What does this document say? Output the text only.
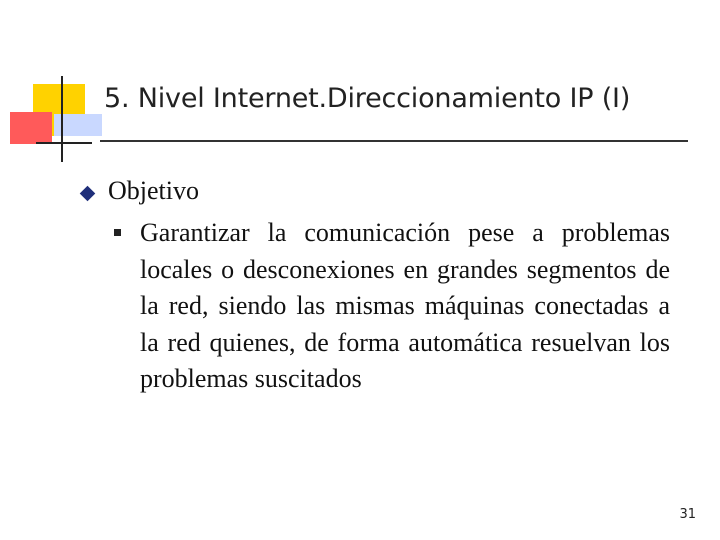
5. Nivel Internet.Direccionamiento IP (I)
Objetivo
Garantizar la comunicación pese a problemas locales o desconexiones en grandes segmentos de la red, siendo las mismas máquinas conectadas a la red quienes, de forma automática resuelvan los problemas suscitados
31
